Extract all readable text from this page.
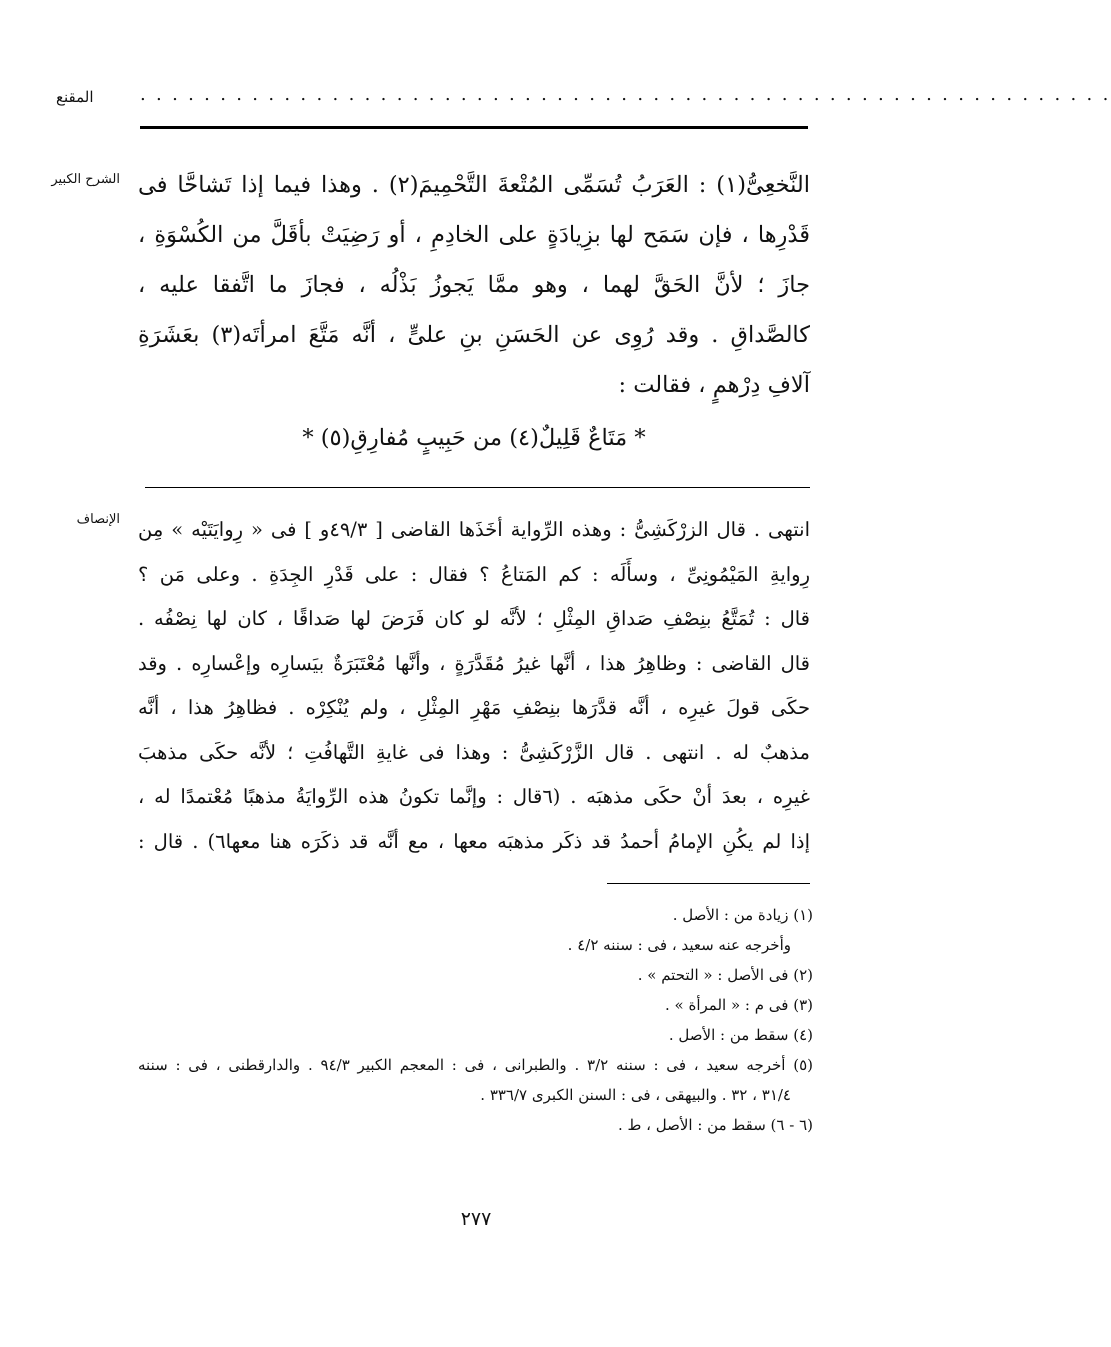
المقنع	. . . . . . . . . . . . . . . . . . . . . . . . . . . . . . . . . . . . . . . . . . . . . . . . . . . . . . . . . . . . .
الشرح الكبير النَّخعِىُّ(١) : العَرَبُ تُسَمِّى المُتْعةَ التَّحْمِيمَ(٢) . وهذا فيما إذا تَشاحَّا فى
قَدْرِها ، فإن سَمَح لها بزِيادَةٍ على الخادِمِ ، أو رَضِيَتْ بأقَلَّ من الكُسْوَةِ ،
جازَ ؛ لأنَّ الحَقَّ لهما ، وهو ممَّا يَجوزُ بَذْلُه ، فجازَ ما اتَّفقا عليه ،
كالصَّداقِ . وقد رُوِى عن الحَسَنِ بنِ علىٍّ ، أنَّه مَتَّعَ امرأتَه(٣) بعَشَرَةِ
آلافِ دِرْهمٍ ، فقالت :
* مَتَاعٌ قَلِيلٌ(٤) من حَبِيبٍ مُفارِقِ(٥) *
الإنصاف انتهى . قال الزرْكَشِىُّ : وهذه الرِّواية أخَذَها القاضى [ ٤٩/٣و ] فى « رِوايَتَيْه » مِن
رِوايةِ المَيْمُونِىِّ ، وسأَلَه : كم المَتاعُ ؟ فقال : على قَدْرِ الجِدَةِ . وعلى مَن ؟
قال : تُمَتَّعُ بنِصْفِ صَداقِ المِثْلِ ؛ لأنَّه لو كان فَرَضَ لها صَداقًا ، كان لها نِصْفُه .
قال القاضى : وظاهِرُ هذا ، أنَّها غيرُ مُقَدَّرَةٍ ، وأنَّها مُعْتَبَرَةٌ بيَسارِه وإعْسارِه . وقد
حكَى قولَ غيرِه ، أنَّه قدَّرَها بنِصْفِ مَهْرِ المِثْلِ ، ولم يُنْكِرْه . فظاهِرُ هذا ، أنَّه
مذهبٌ له . انتهى . قال الزَّرْكَشِىُّ : وهذا فى غايةِ التَّهافُتِ ؛ لأنَّه حكَى مذهبَ
غيرِه ، بعدَ أنْ حكَى مذهبَه . (٦قال : وإنَّما تكونُ هذه الرِّوايَةُ مذهبًا مُعْتمدًا له ،
إذا لم يكُنِ الإمامُ أحمدُ قد ذكَر مذهبَه معها ، مع أنَّه قد ذكَرَه هنا معها٦) . قال :
(١) زيادة من : الأصل .
وأخرجه عنه سعيد ، فى : سننه ٤/٢ .
(٢) فى الأصل : « التحتم » .
(٣) فى م : « المرأة » .
(٤) سقط من : الأصل .
(٥) أخرجه سعيد ، فى : سننه ٣/٢ . والطبرانى ، فى : المعجم الكبير ٩٤/٣ . والدارقطنى ، فى : سننه
٣١/٤ ، ٣٢ . والبيهقى ، فى : السنن الكبرى ٣٣٦/٧ .
(٦ - ٦) سقط من : الأصل ، ط .
٢٧٧
